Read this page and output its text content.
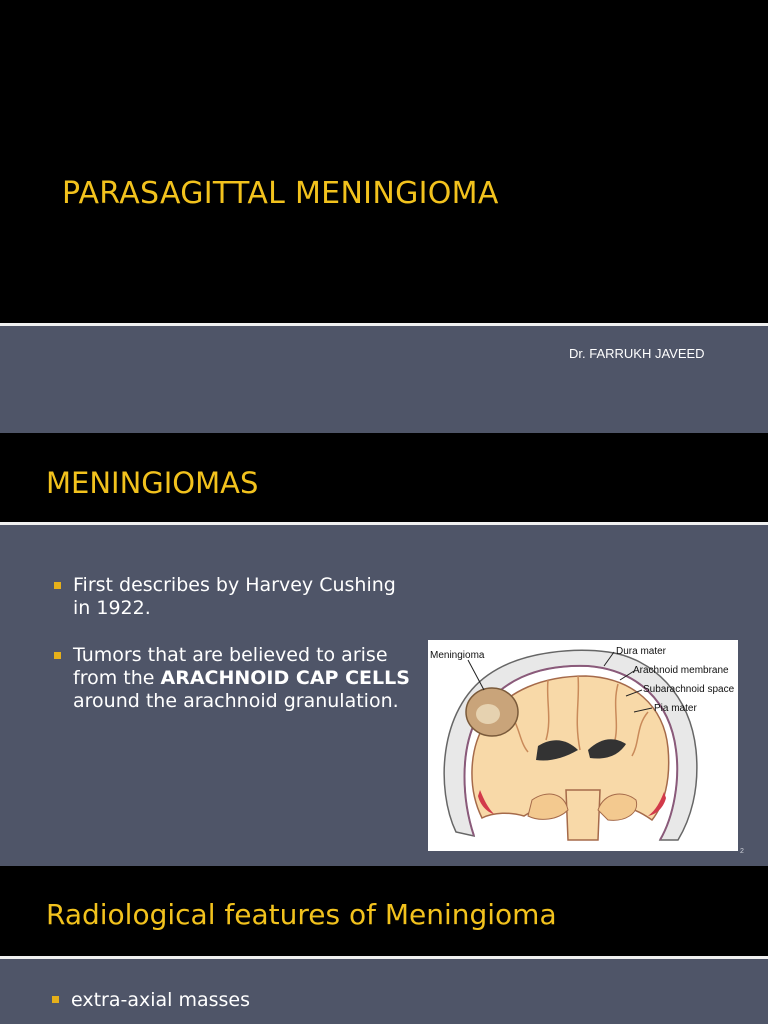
PARASAGITTAL MENINGIOMA
Dr. FARRUKH JAVEED
MENINGIOMAS
First describes by Harvey Cushing in 1922.
Tumors that are believed to arise from the ARACHNOID CAP CELLS around the arachnoid granulation.
Meningioma	Dura mater
Arachnoid membrane
Subarachnoid space
Pia mater
2
Radiological features of Meningioma
extra-axial masses
